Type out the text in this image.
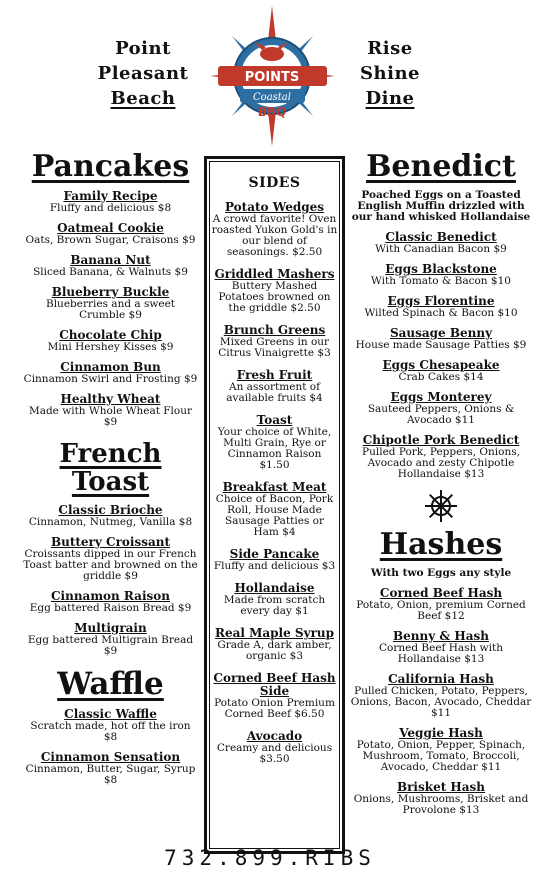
Point
Pleasant
Beach
Rise
Shine
Dine
POINTS
Coastal
BBQ
Pancakes
Family Recipe
Fluffy and delicious $8
Oatmeal Cookie
Oats, Brown Sugar, Craisons $9
Banana Nut
Sliced Banana, & Walnuts $9
Blueberry Buckle
Blueberries and a sweet Crumble $9
Chocolate Chip
Mini Hershey Kisses $9
Cinnamon Bun
Cinnamon Swirl and Frosting $9
Healthy Wheat
Made with Whole Wheat Flour $9
French
Toast
Classic Brioche
Cinnamon, Nutmeg, Vanilla $8
Buttery Croissant
Croissants dipped in our French Toast batter and browned on the griddle $9
Cinnamon Raison
Egg battered Raison Bread $9
Multigrain
Egg battered Multigrain Bread $9
Waffle
Classic Waffle
Scratch made, hot off the iron $8
Cinnamon Sensation
Cinnamon, Butter, Sugar, Syrup $8
SIDES
Potato Wedges
A crowd favorite! Oven roasted Yukon Gold's in our blend of seasonings. $2.50
Griddled Mashers
Buttery Mashed Potatoes browned on the griddle $2.50
Brunch Greens
Mixed Greens in our Citrus Vinaigrette $3
Fresh Fruit
An assortment of available fruits $4
Toast
Your choice of White, Multi Grain, Rye or Cinnamon Raison $1.50
Breakfast Meat
Choice of Bacon, Pork Roll, House Made Sausage Patties or Ham $4
Side Pancake
Fluffy and delicious $3
Hollandaise
Made from scratch every day $1
Real Maple Syrup
Grade A, dark amber, organic $3
Corned Beef Hash Side
Potato Onion Premium Corned Beef $6.50
Avocado
Creamy and delicious $3.50
Benedict
Poached Eggs on a Toasted English Muffin drizzled with our hand whisked Hollandaise
Classic Benedict
With Canadian Bacon $9
Eggs Blackstone
With Tomato & Bacon $10
Eggs Florentine
Wilted Spinach & Bacon $10
Sausage Benny
House made Sausage Patties $9
Eggs Chesapeake
Crab Cakes $14
Eggs Monterey
Sauteed Peppers, Onions & Avocado $11
Chipotle Pork Benedict
Pulled Pork, Peppers, Onions, Avocado and zesty Chipotle Hollandaise $13
Hashes
With two Eggs any style
Corned Beef Hash
Potato, Onion, premium Corned Beef $12
Benny & Hash
Corned Beef Hash with Hollandaise $13
California Hash
Pulled Chicken, Potato, Peppers, Onions, Bacon, Avocado, Cheddar $11
Veggie Hash
Potato, Onion, Pepper, Spinach, Mushroom, Tomato, Broccoli, Avocado, Cheddar $11
Brisket Hash
Onions, Mushrooms, Brisket and Provolone $13
732.899.RIBS
